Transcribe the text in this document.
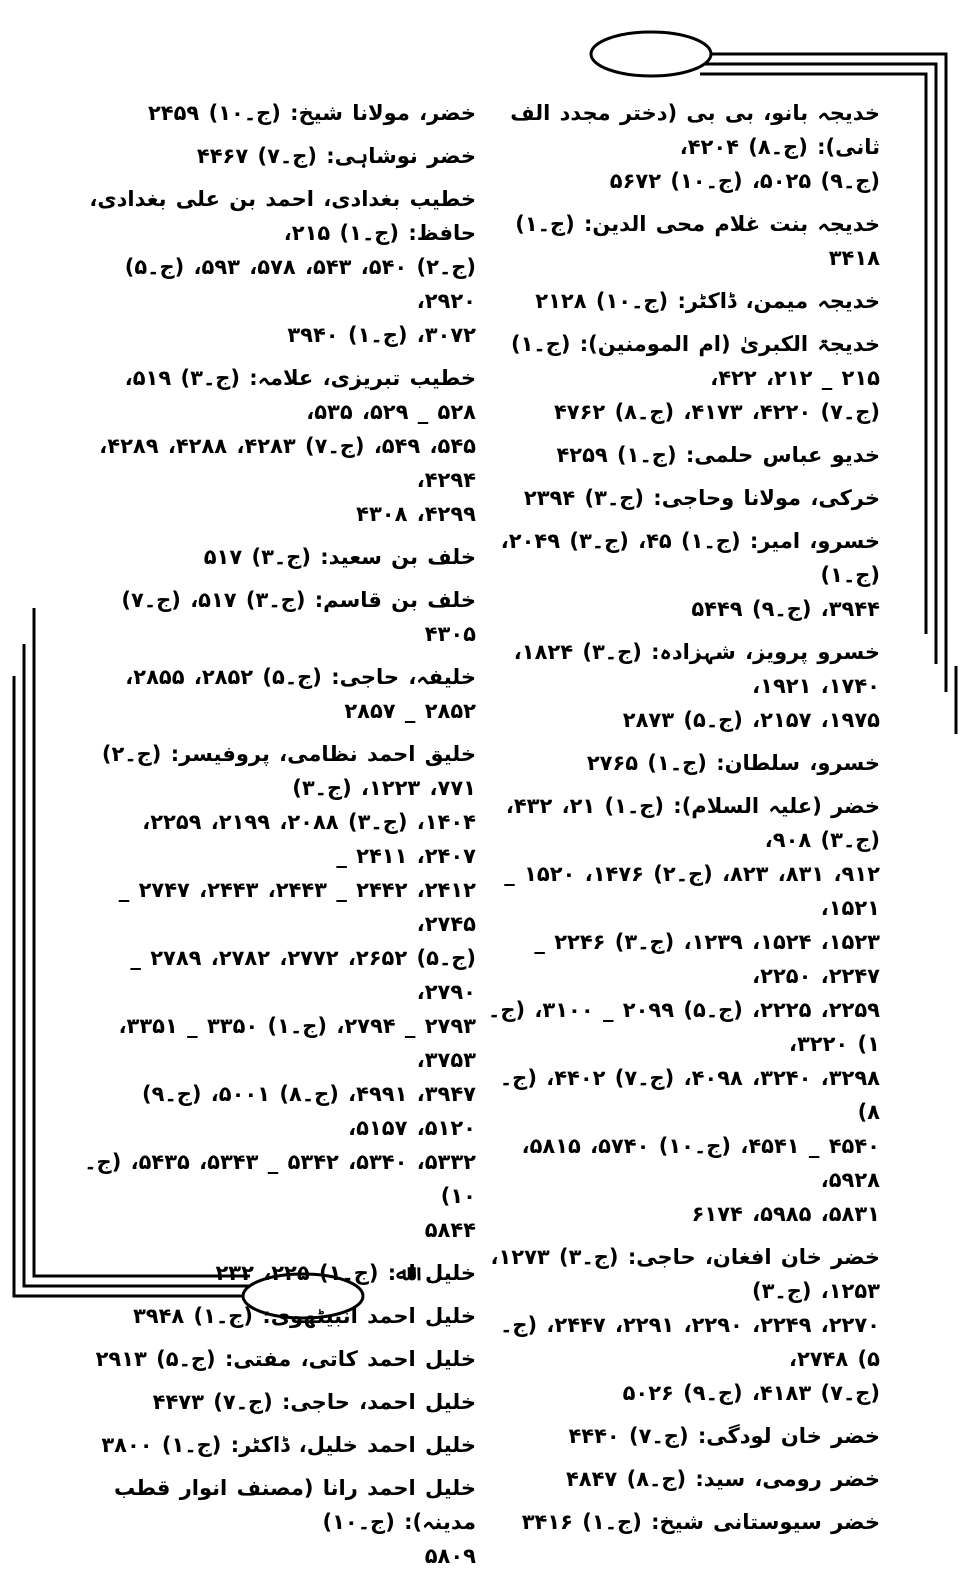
خدیجہ بانو، بی بی (دختر مجدد الف ثانی): (ج۔۸) ۴۲۰۴،
(ج۔۹) ۵۰۲۵، (ج۔۱۰) ۵۶۷۲
خدیجہ بنت غلام محی الدین: (ج۔۱) ۳۴۱۸
خدیجہ میمن، ڈاکٹر: (ج۔۱۰) ۲۱۲۸
خدیجۃ الکبریٰ (ام المومنین): (ج۔۱) ۲۱۵ _ ۲۱۲، ۴۲۲،
(ج۔۷) ۴۲۲۰، ۴۱۷۳، (ج۔۸) ۴۷۶۲
خدیو عباس حلمی: (ج۔۱) ۴۲۵۹
خرکی، مولانا وحاجی: (ج۔۳) ۲۳۹۴
خسرو، امیر: (ج۔۱) ۴۵، (ج۔۳) ۲۰۴۹، (ج۔۱)
۳۹۴۴، (ج۔۹) ۵۴۴۹
خسرو پرویز، شہزادہ: (ج۔۳) ۱۸۲۴، ۱۷۴۰، ۱۹۲۱،
۱۹۷۵، ۲۱۵۷، (ج۔۵) ۲۸۷۳
خسرو، سلطان: (ج۔۱) ۲۷۶۵
خضر (علیہ السلام): (ج۔۱) ۲۱، ۴۳۲، (ج۔۳) ۹۰۸،
۹۱۲، ۸۳۱، ۸۲۳، (ج۔۲) ۱۴۷۶، ۱۵۲۰ _ ۱۵۲۱،
۱۵۲۳، ۱۵۲۴، ۱۲۳۹، (ج۔۳) ۲۲۴۶ _ ۲۲۴۷، ۲۲۵۰،
۲۲۵۹، ۲۲۲۵، (ج۔۵) ۲۰۹۹ _ ۳۱۰۰، (ج۔۱) ۳۲۲۰،
۳۲۹۸، ۳۲۴۰، ۴۰۹۸، (ج۔۷) ۴۴۰۲، (ج۔۸)
۴۵۴۰ _ ۴۵۴۱، (ج۔۱۰) ۵۷۴۰، ۵۸۱۵، ۵۹۲۸،
۵۸۳۱، ۵۹۸۵، ۶۱۷۴
خضر خان افغان، حاجی: (ج۔۳) ۱۲۷۳، ۱۲۵۳، (ج۔۳)
۲۲۷۰، ۲۲۴۹، ۲۲۹۰، ۲۲۹۱، ۲۴۴۷، (ج۔۵) ۲۷۴۸،
(ج۔۷) ۴۱۸۳، (ج۔۹) ۵۰۲۶
خضر خان لودگی: (ج۔۷) ۴۴۴۰
خضر رومی، سید: (ج۔۸) ۴۸۴۷
خضر سیوستانی شیخ: (ج۔۱) ۳۴۱۶
خضر، مولانا شیخ: (ج۔۱۰) ۲۴۵۹
خضر نوشاہی: (ج۔۷) ۴۴۶۷
خطیب بغدادی، احمد بن علی بغدادی، حافظ: (ج۔۱) ۲۱۵،
(ج۔۲) ۵۴۰، ۵۴۳، ۵۷۸، ۵۹۳، (ج۔۵) ۲۹۲۰،
۳۰۷۲، (ج۔۱) ۳۹۴۰
خطیب تبریزی، علامہ: (ج۔۳) ۵۱۹، ۵۲۸ _ ۵۲۹، ۵۳۵،
۵۴۵، ۵۴۹، (ج۔۷) ۴۲۸۳، ۴۲۸۸، ۴۲۸۹، ۴۲۹۴،
۴۲۹۹، ۴۳۰۸
خلف بن سعید: (ج۔۳) ۵۱۷
خلف بن قاسم: (ج۔۳) ۵۱۷، (ج۔۷) ۴۳۰۵
خلیفہ، حاجی: (ج۔۵) ۲۸۵۲، ۲۸۵۵، ۲۸۵۲ _ ۲۸۵۷
خلیق احمد نظامی، پروفیسر: (ج۔۲) ۷۷۱، ۱۲۲۳، (ج۔۳)
۱۴۰۴، (ج۔۳) ۲۰۸۸، ۲۱۹۹، ۲۲۵۹، ۲۴۰۷، ۲۴۱۱ _
۲۴۱۲، ۲۴۴۲ _ ۲۴۴۳، ۲۴۴۳، ۲۷۴۷ _ ۲۷۴۵،
(ج۔۵) ۲۶۵۲، ۲۷۷۲، ۲۷۸۲، ۲۷۸۹ _ ۲۷۹۰،
۲۷۹۳ _ ۲۷۹۴، (ج۔۱) ۳۳۵۰ _ ۳۳۵۱، ۳۷۵۳،
۳۹۴۷، ۴۹۹۱، (ج۔۸) ۵۰۰۱، (ج۔۹) ۵۱۲۰، ۵۱۵۷،
۵۳۳۲، ۵۳۴۰، ۵۳۴۲ _ ۵۳۴۳، ۵۴۳۵، (ج۔۱۰)
۵۸۴۴
خلیل اﷲ: (ج۔۱) ۲۲۵، ۲۳۲
خلیل احمد انبیٹھوی: (ج۔۱) ۳۹۴۸
خلیل احمد کاتی، مفتی: (ج۔۵) ۲۹۱۳
خلیل احمد، حاجی: (ج۔۷) ۴۴۷۳
خلیل احمد خلیل، ڈاکٹر: (ج۔۱) ۳۸۰۰
خلیل احمد رانا (مصنف انوار قطب مدینہ): (ج۔۱۰)
۵۸۰۹
